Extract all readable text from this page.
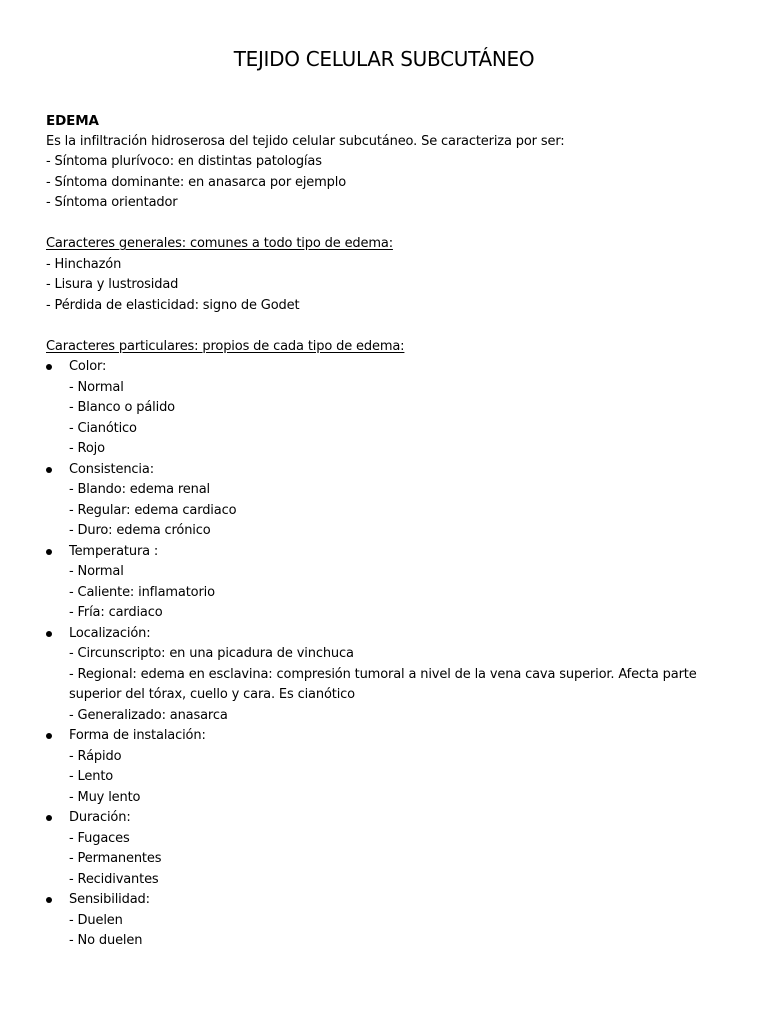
TEJIDO CELULAR SUBCUTÁNEO
EDEMA
Es la infiltración hidroserosa del tejido celular subcutáneo. Se caracteriza por ser:
- Síntoma plurívoco: en distintas patologías
- Síntoma dominante: en anasarca por ejemplo
- Síntoma orientador
Caracteres generales: comunes a todo tipo de edema:
- Hinchazón
- Lisura y lustrosidad
- Pérdida de elasticidad: signo de Godet
Caracteres particulares: propios de cada tipo de edema:
Color:
- Normal
- Blanco o pálido
- Cianótico
- Rojo
Consistencia:
- Blando: edema renal
- Regular: edema cardiaco
- Duro: edema crónico
Temperatura :
- Normal
- Caliente: inflamatorio
- Fría: cardiaco
Localización:
- Circunscripto: en una picadura de vinchuca
- Regional: edema en esclavina: compresión tumoral a nivel de la vena cava superior. Afecta parte superior del tórax, cuello y cara. Es cianótico
- Generalizado: anasarca
Forma de instalación:
- Rápido
- Lento
- Muy lento
Duración:
- Fugaces
- Permanentes
- Recidivantes
Sensibilidad:
- Duelen
- No duelen
